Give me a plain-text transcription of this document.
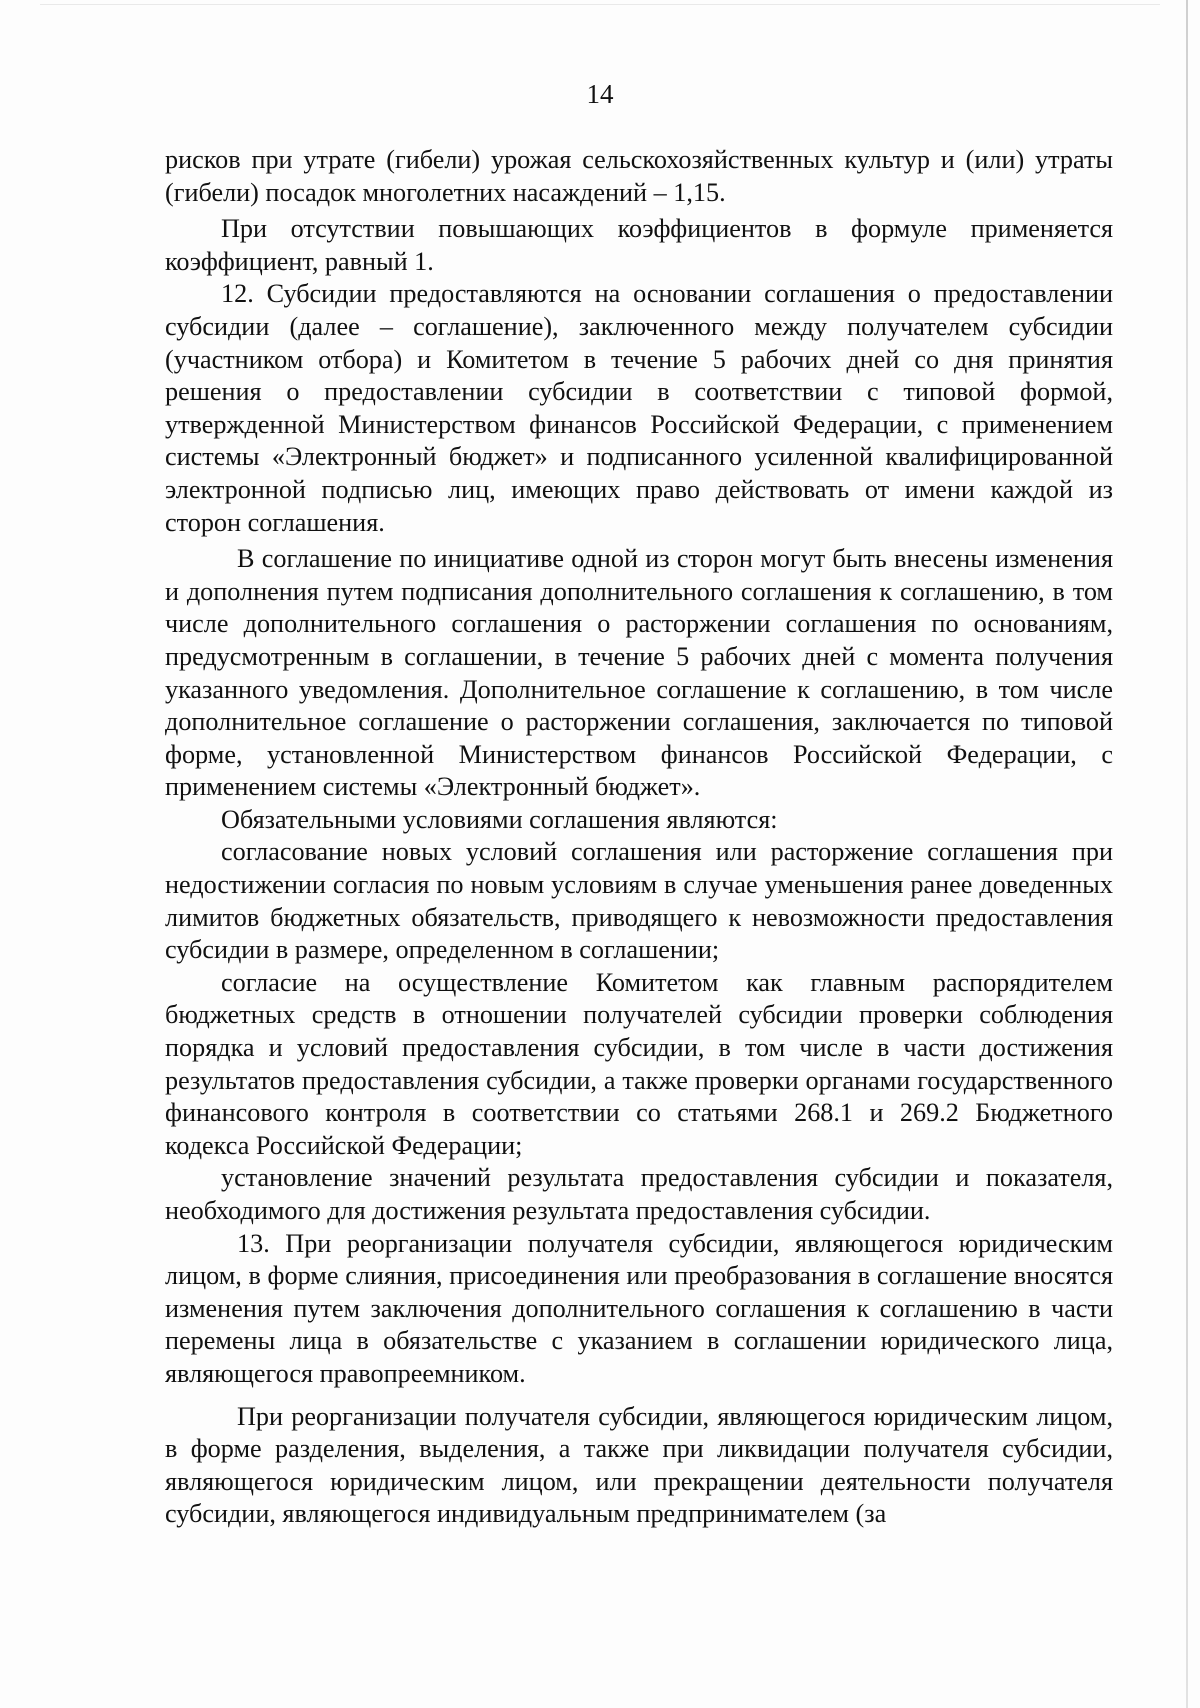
14

рисков при утрате (гибели) урожая сельскохозяйственных культур и (или) утраты (гибели) посадок многолетних насаждений – 1,15.

При отсутствии повышающих коэффициентов в формуле применяется коэффициент, равный 1.

12. Субсидии предоставляются на основании соглашения о предоставлении субсидии (далее – соглашение), заключенного между получателем субсидии (участником отбора) и Комитетом в течение 5 рабочих дней со дня принятия решения о предоставлении субсидии в соответствии с типовой формой, утвержденной Министерством финансов Российской Федерации, с применением системы «Электронный бюджет» и подписанного усиленной квалифицированной электронной подписью лиц, имеющих право действовать от имени каждой из сторон соглашения.

В соглашение по инициативе одной из сторон могут быть внесены изменения и дополнения путем подписания дополнительного соглашения к соглашению, в том числе дополнительного соглашения о расторжении соглашения по основаниям, предусмотренным в соглашении, в течение 5 рабочих дней с момента получения указанного уведомления. Дополнительное соглашение к соглашению, в том числе дополнительное соглашение о расторжении соглашения, заключается по типовой форме, установленной Министерством финансов Российской Федерации, с применением системы «Электронный бюджет».

Обязательными условиями соглашения являются:

согласование новых условий соглашения или расторжение соглашения при недостижении согласия по новым условиям в случае уменьшения ранее доведенных лимитов бюджетных обязательств, приводящего к невозможности предоставления субсидии в размере, определенном в соглашении;

согласие на осуществление Комитетом как главным распорядителем бюджетных средств в отношении получателей субсидии проверки соблюдения порядка и условий предоставления субсидии, в том числе в части достижения результатов предоставления субсидии, а также проверки органами государственного финансового контроля в соответствии со статьями 268.1 и 269.2 Бюджетного кодекса Российской Федерации;

установление значений результата предоставления субсидии и показателя, необходимого для достижения результата предоставления субсидии.

13. При реорганизации получателя субсидии, являющегося юридическим лицом, в форме слияния, присоединения или преобразования в соглашение вносятся изменения путем заключения дополнительного соглашения к соглашению в части перемены лица в обязательстве с указанием в соглашении юридического лица, являющегося правопреемником.

При реорганизации получателя субсидии, являющегося юридическим лицом, в форме разделения, выделения, а также при ликвидации получателя субсидии, являющегося юридическим лицом, или прекращении деятельности получателя субсидии, являющегося индивидуальным предпринимателем (за
